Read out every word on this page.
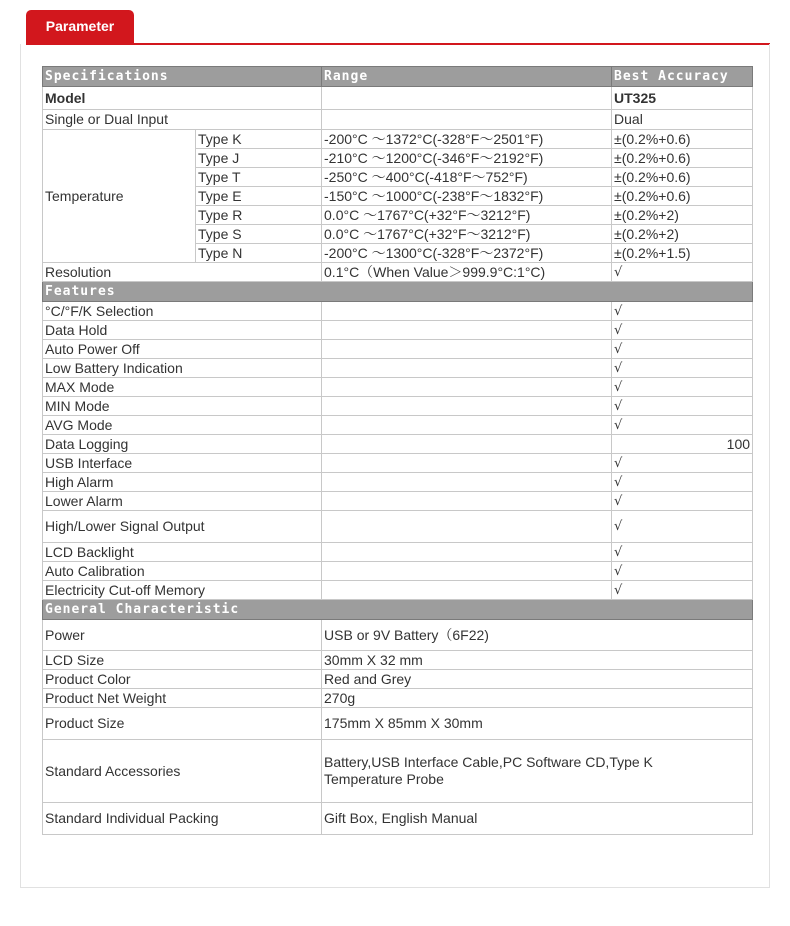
Parameter
Specifications		Range	Best Accuracy
Model			UT325
Single or Dual Input			Dual
Temperature	Type K	-200°C ～1372°C(-328°F～2501°F)	±(0.2%+0.6)
	Type J	-210°C ～1200°C(-346°F～2192°F)	±(0.2%+0.6)
	Type T	-250°C ～400°C(-418°F～752°F)	±(0.2%+0.6)
	Type E	-150°C ～1000°C(-238°F～1832°F)	±(0.2%+0.6)
	Type R	0.0°C ～1767°C(+32°F～3212°F)	±(0.2%+2)
	Type S	0.0°C ～1767°C(+32°F～3212°F)	±(0.2%+2)
	Type N	-200°C ～1300°C(-328°F～2372°F)	±(0.2%+1.5)
Resolution		0.1°C（When Value＞999.9°C:1°C)	√
Features			
°C/°F/K Selection			√
Data Hold			√
Auto Power Off			√
Low Battery Indication			√
MAX Mode			√
MIN Mode			√
AVG Mode			√
Data Logging			100
USB Interface			√
High Alarm			√
Lower Alarm			√
High/Lower Signal Output			√
LCD Backlight			√
Auto Calibration			√
Electricity Cut-off Memory			√
General Characteristic			
Power		USB or 9V Battery（6F22)	
LCD Size		30mm X 32 mm	
Product Color		Red and Grey	
Product Net Weight		270g	
Product Size		175mm X 85mm X 30mm	
Standard Accessories		Battery,USB Interface Cable,PC Software CD,Type K Temperature Probe	
Standard Individual Packing		Gift Box, English Manual	
